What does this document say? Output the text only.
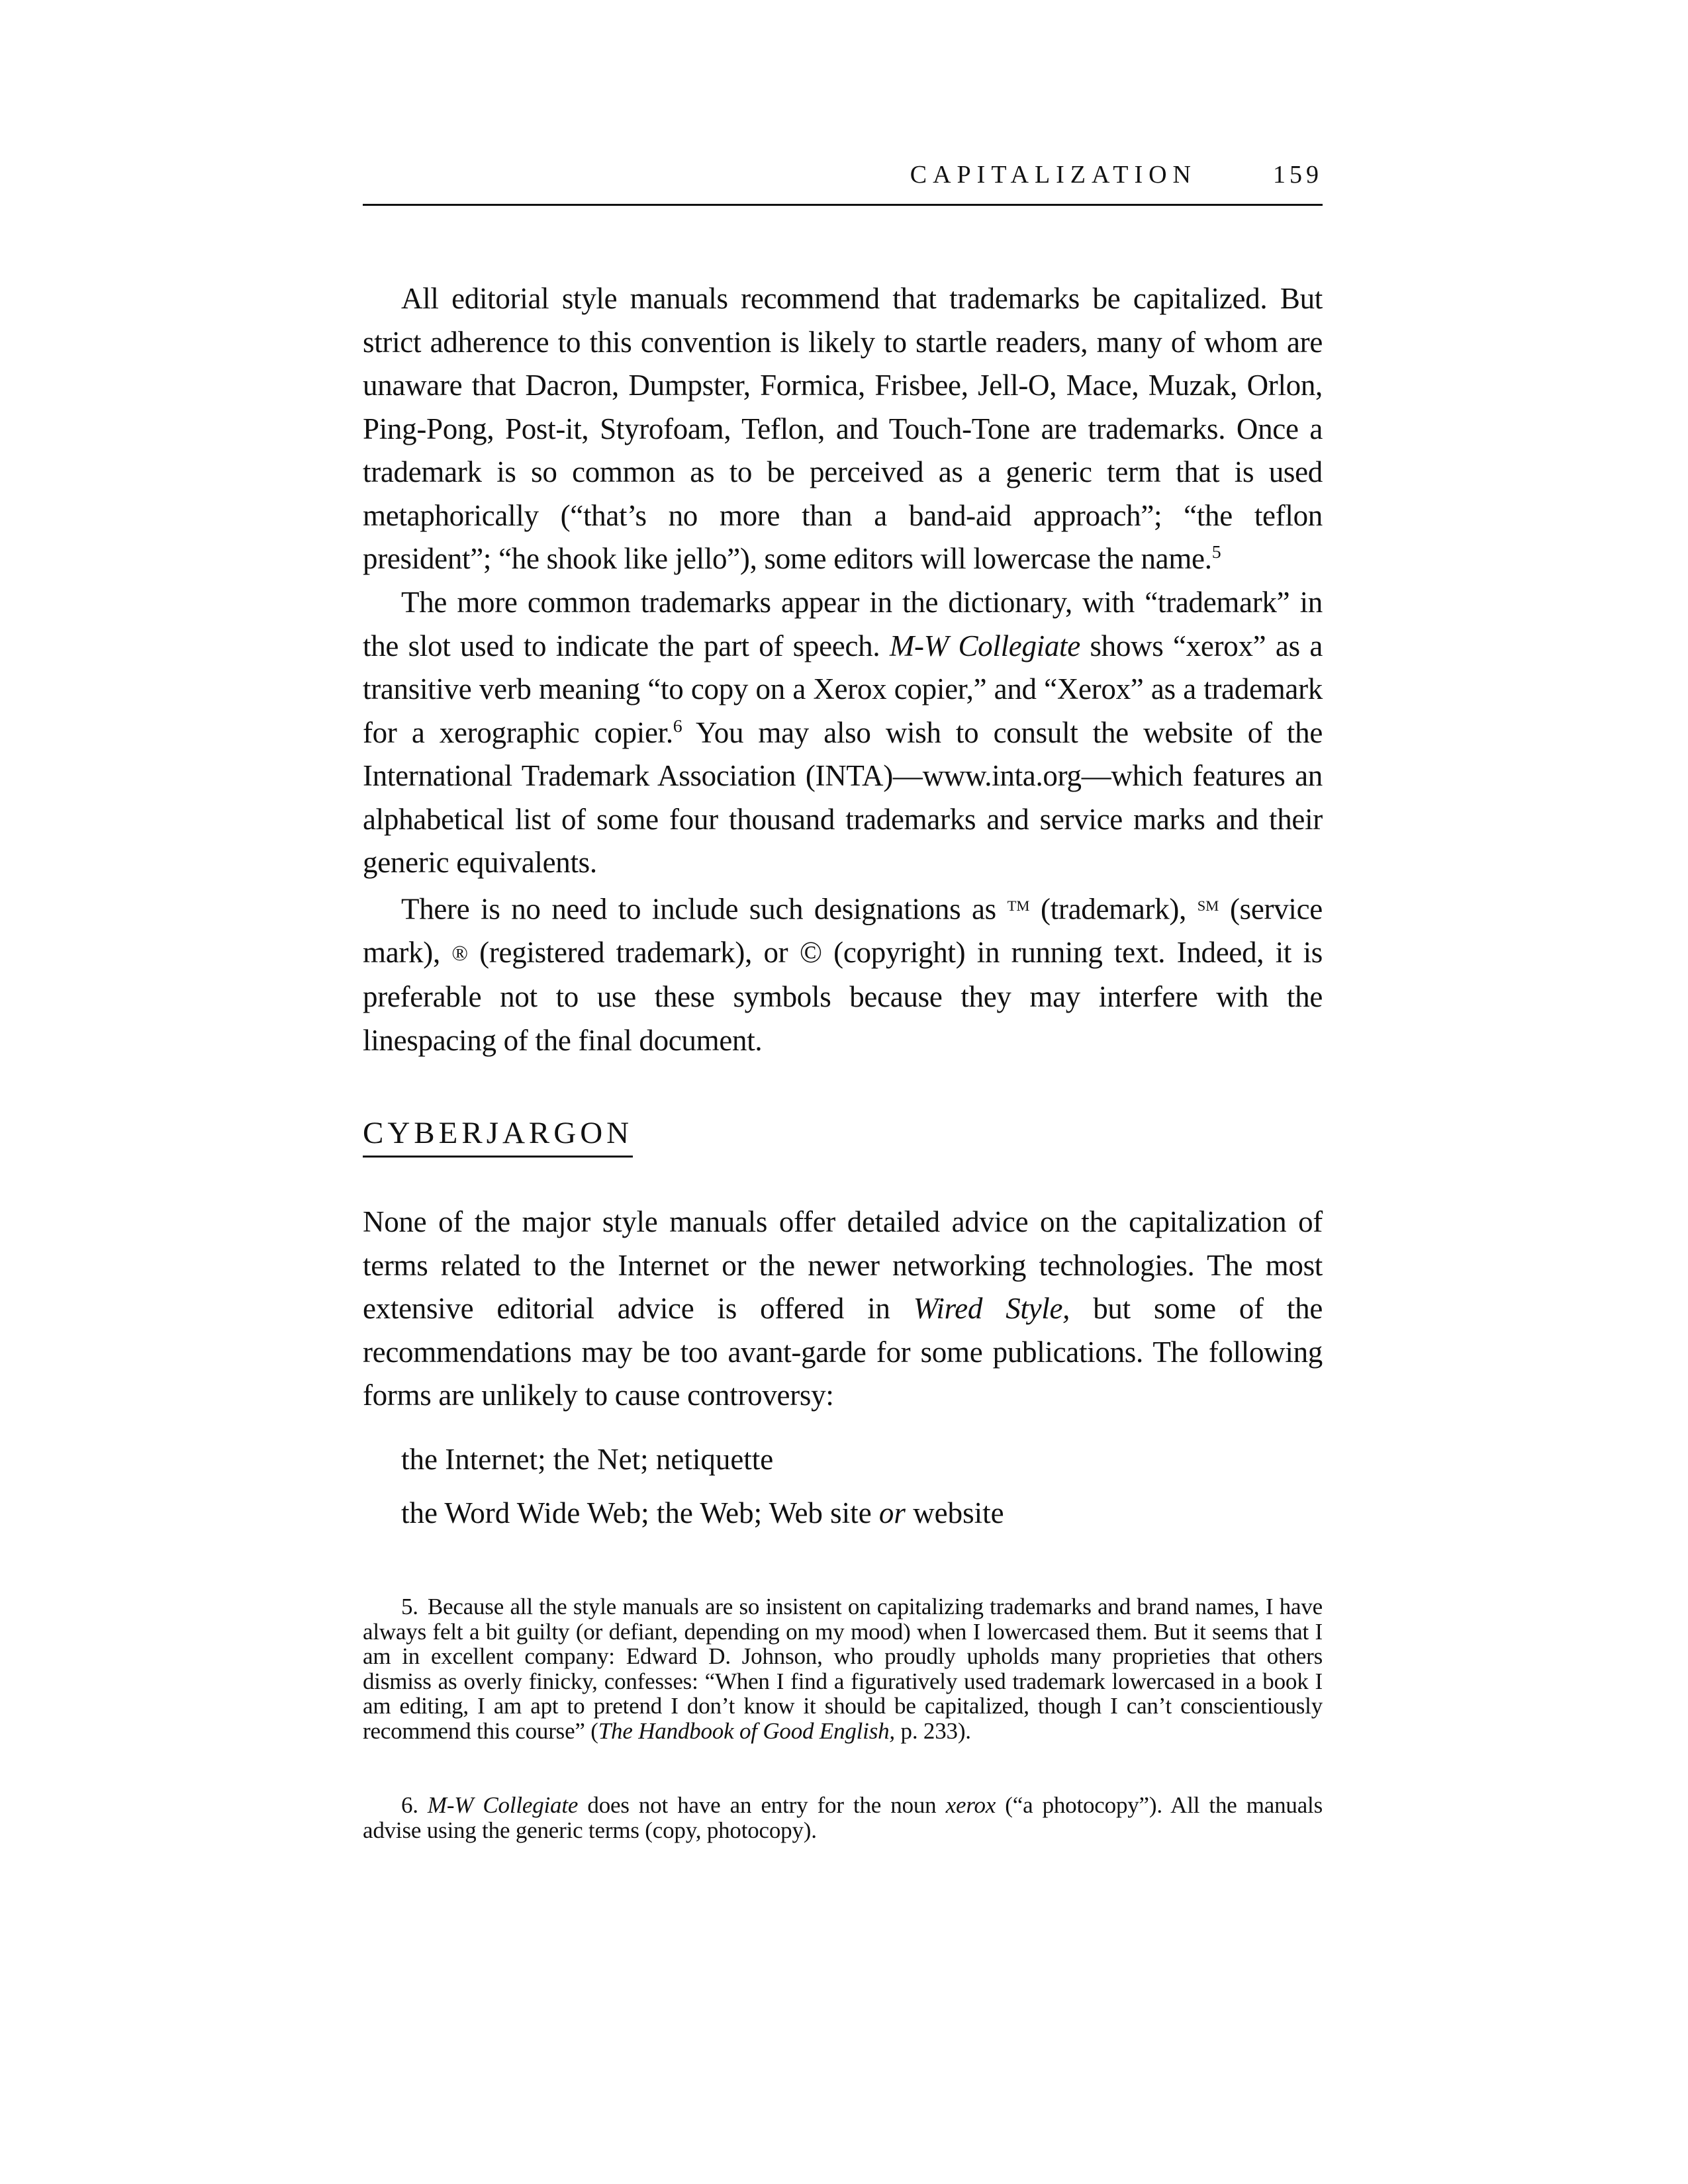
CAPITALIZATION	159

All editorial style manuals recommend that trademarks be capitalized. But strict adherence to this convention is likely to startle readers, many of whom are unaware that Dacron, Dumpster, Formica, Frisbee, Jell-O, Mace, Muzak, Orlon, Ping-Pong, Post-it, Styrofoam, Teflon, and Touch-Tone are trademarks. Once a trademark is so common as to be perceived as a generic term that is used metaphorically (“that’s no more than a band-aid approach”; “the teflon president”; “he shook like jello”), some editors will lowercase the name.$^5$

The more common trademarks appear in the dictionary, with “trademark” in the slot used to indicate the part of speech. M-W Collegiate shows “xerox” as a transitive verb meaning “to copy on a Xerox copier,” and “Xerox” as a trademark for a xerographic copier.$^6$ You may also wish to consult the website of the International Trademark Association (INTA)—www.inta.org—which features an alphabetical list of some four thousand trademarks and service marks and their generic equivalents.

There is no need to include such designations as ™ (trademark), ℠ (service mark), ® (registered trademark), or © (copyright) in running text. Indeed, it is preferable not to use these symbols because they may interfere with the linespacing of the final document.

CYBERJARGON

None of the major style manuals offer detailed advice on the capitalization of terms related to the Internet or the newer networking technologies. The most extensive editorial advice is offered in Wired Style, but some of the recommendations may be too avant-garde for some publications. The following forms are unlikely to cause controversy:

the Internet; the Net; netiquette
the Word Wide Web; the Web; Web site or website

5. Because all the style manuals are so insistent on capitalizing trademarks and brand names, I have always felt a bit guilty (or defiant, depending on my mood) when I lowercased them. But it seems that I am in excellent company: Edward D. Johnson, who proudly upholds many proprieties that others dismiss as overly finicky, confesses: “When I find a figuratively used trademark lowercased in a book I am editing, I am apt to pretend I don’t know it should be capitalized, though I can’t conscientiously recommend this course” (The Handbook of Good English, p. 233).

6. M-W Collegiate does not have an entry for the noun xerox (“a photocopy”). All the manuals advise using the generic terms (copy, photocopy).
